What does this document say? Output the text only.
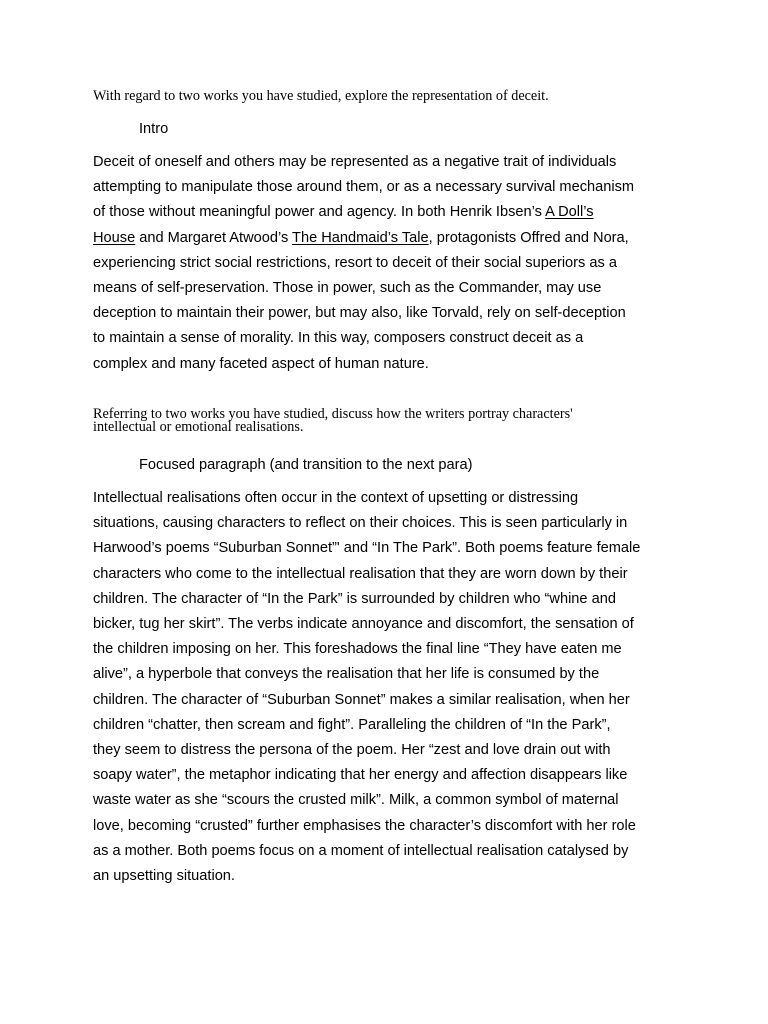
With regard to two works you have studied, explore the representation of deceit.

Intro

Deceit of oneself and others may be represented as a negative trait of individuals
attempting to manipulate those around them, or as a necessary survival mechanism
of those without meaningful power and agency. In both Henrik Ibsen’s A Doll’s
House and Margaret Atwood’s The Handmaid’s Tale, protagonists Offred and Nora,
experiencing strict social restrictions, resort to deceit of their social superiors as a
means of self-preservation. Those in power, such as the Commander, may use
deception to maintain their power, but may also, like Torvald, rely on self-deception
to maintain a sense of morality. In this way, composers construct deceit as a
complex and many faceted aspect of human nature.
Referring to two works you have studied, discuss how the writers portray characters'
intellectual or emotional realisations.

Focused paragraph (and transition to the next para)

Intellectual realisations often occur in the context of upsetting or distressing
situations, causing characters to reflect on their choices. This is seen particularly in
Harwood’s poems “Suburban Sonnet”' and “In The Park”. Both poems feature female
characters who come to the intellectual realisation that they are worn down by their
children. The character of “In the Park” is surrounded by children who “whine and
bicker, tug her skirt”. The verbs indicate annoyance and discomfort, the sensation of
the children imposing on her. This foreshadows the final line “They have eaten me
alive”, a hyperbole that conveys the realisation that her life is consumed by the
children. The character of “Suburban Sonnet” makes a similar realisation, when her
children “chatter, then scream and fight”. Paralleling the children of “In the Park”,
they seem to distress the persona of the poem. Her “zest and love drain out with
soapy water”, the metaphor indicating that her energy and affection disappears like
waste water as she “scours the crusted milk”. Milk, a common symbol of maternal
love, becoming “crusted” further emphasises the character’s discomfort with her role
as a mother. Both poems focus on a moment of intellectual realisation catalysed by
an upsetting situation.
